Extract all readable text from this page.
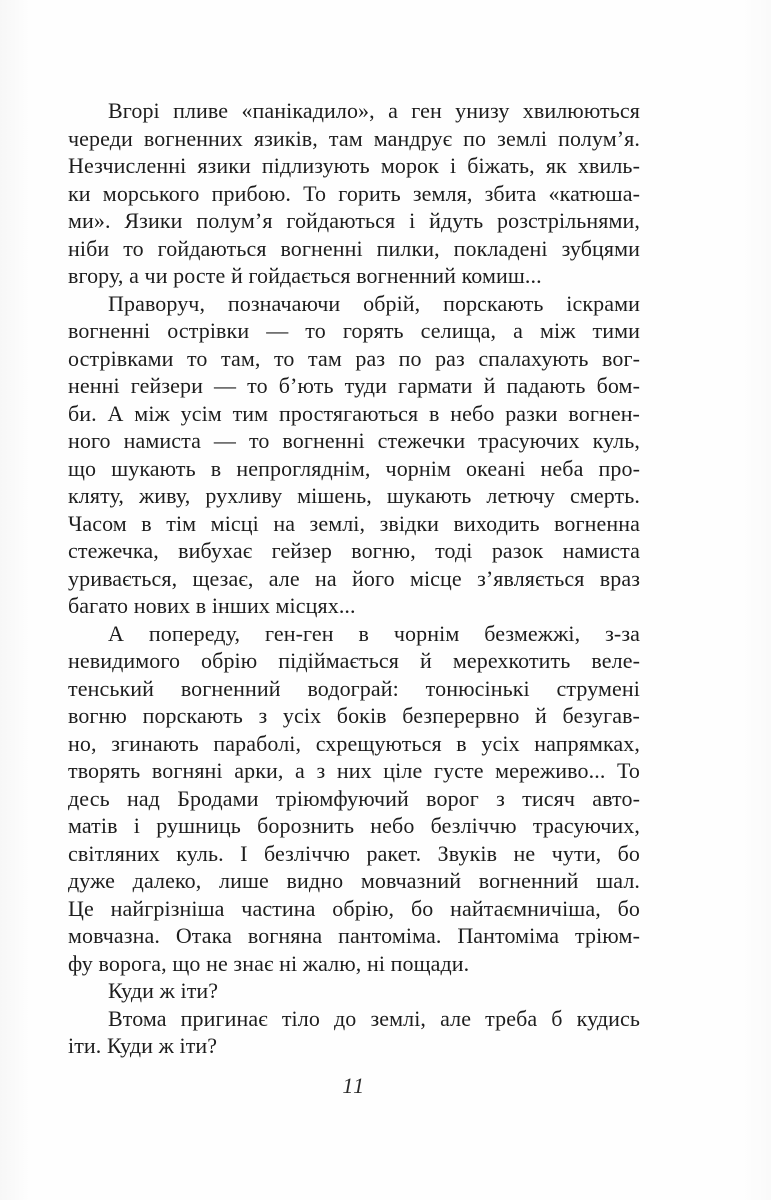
Вгорі пливе «панікадило», а ген унизу хвилюються
череди вогненних язиків, там мандрує по землі полум’я.
Незчисленні язики підлизують морок і біжать, як хвиль-
ки морського прибою. То горить земля, збита «катюша-
ми». Язики полум’я гойдаються і йдуть розстрільнями,
ніби то гойдаються вогненні пилки, покладені зубцями
вгору, а чи росте й гойдається вогненний комиш...
Праворуч, позначаючи обрій, порскають іскрами
вогненні острівки — то горять селища, а між тими
острівками то там, то там раз по раз спалахують вог-
ненні гейзери — то б’ють туди гармати й падають бом-
би. А між усім тим простягаються в небо разки вогнен-
ного намиста — то вогненні стежечки трасуючих куль,
що шукають в непрогляднім, чорнім океані неба про-
кляту, живу, рухливу мішень, шукають летючу смерть.
Часом в тім місці на землі, звідки виходить вогненна
стежечка, вибухає гейзер вогню, тоді разок намиста
уривається, щезає, але на його місце з’являється враз
багато нових в інших місцях...
А попереду, ген-ген в чорнім безмежжі, з-за
невидимого обрію підіймається й мерехкотить веле-
тенський вогненний водограй: тонюсінькі струмені
вогню порскають з усіх боків безперервно й безугав-
но, згинають параболі, схрещуються в усіх напрямках,
творять вогняні арки, а з них ціле густе мереживо... То
десь над Бродами тріюмфуючий ворог з тисяч авто-
матів і рушниць борознить небо безліччю трасуючих,
світляних куль. І безліччю ракет. Звуків не чути, бо
дуже далеко, лише видно мовчазний вогненний шал.
Це найгрізніша частина обрію, бо найтаємничіша, бо
мовчазна. Отака вогняна пантоміма. Пантоміма тріюм-
фу ворога, що не знає ні жалю, ні пощади.
Куди ж іти?
Втома пригинає тіло до землі, але треба б кудись
іти. Куди ж іти?
11
